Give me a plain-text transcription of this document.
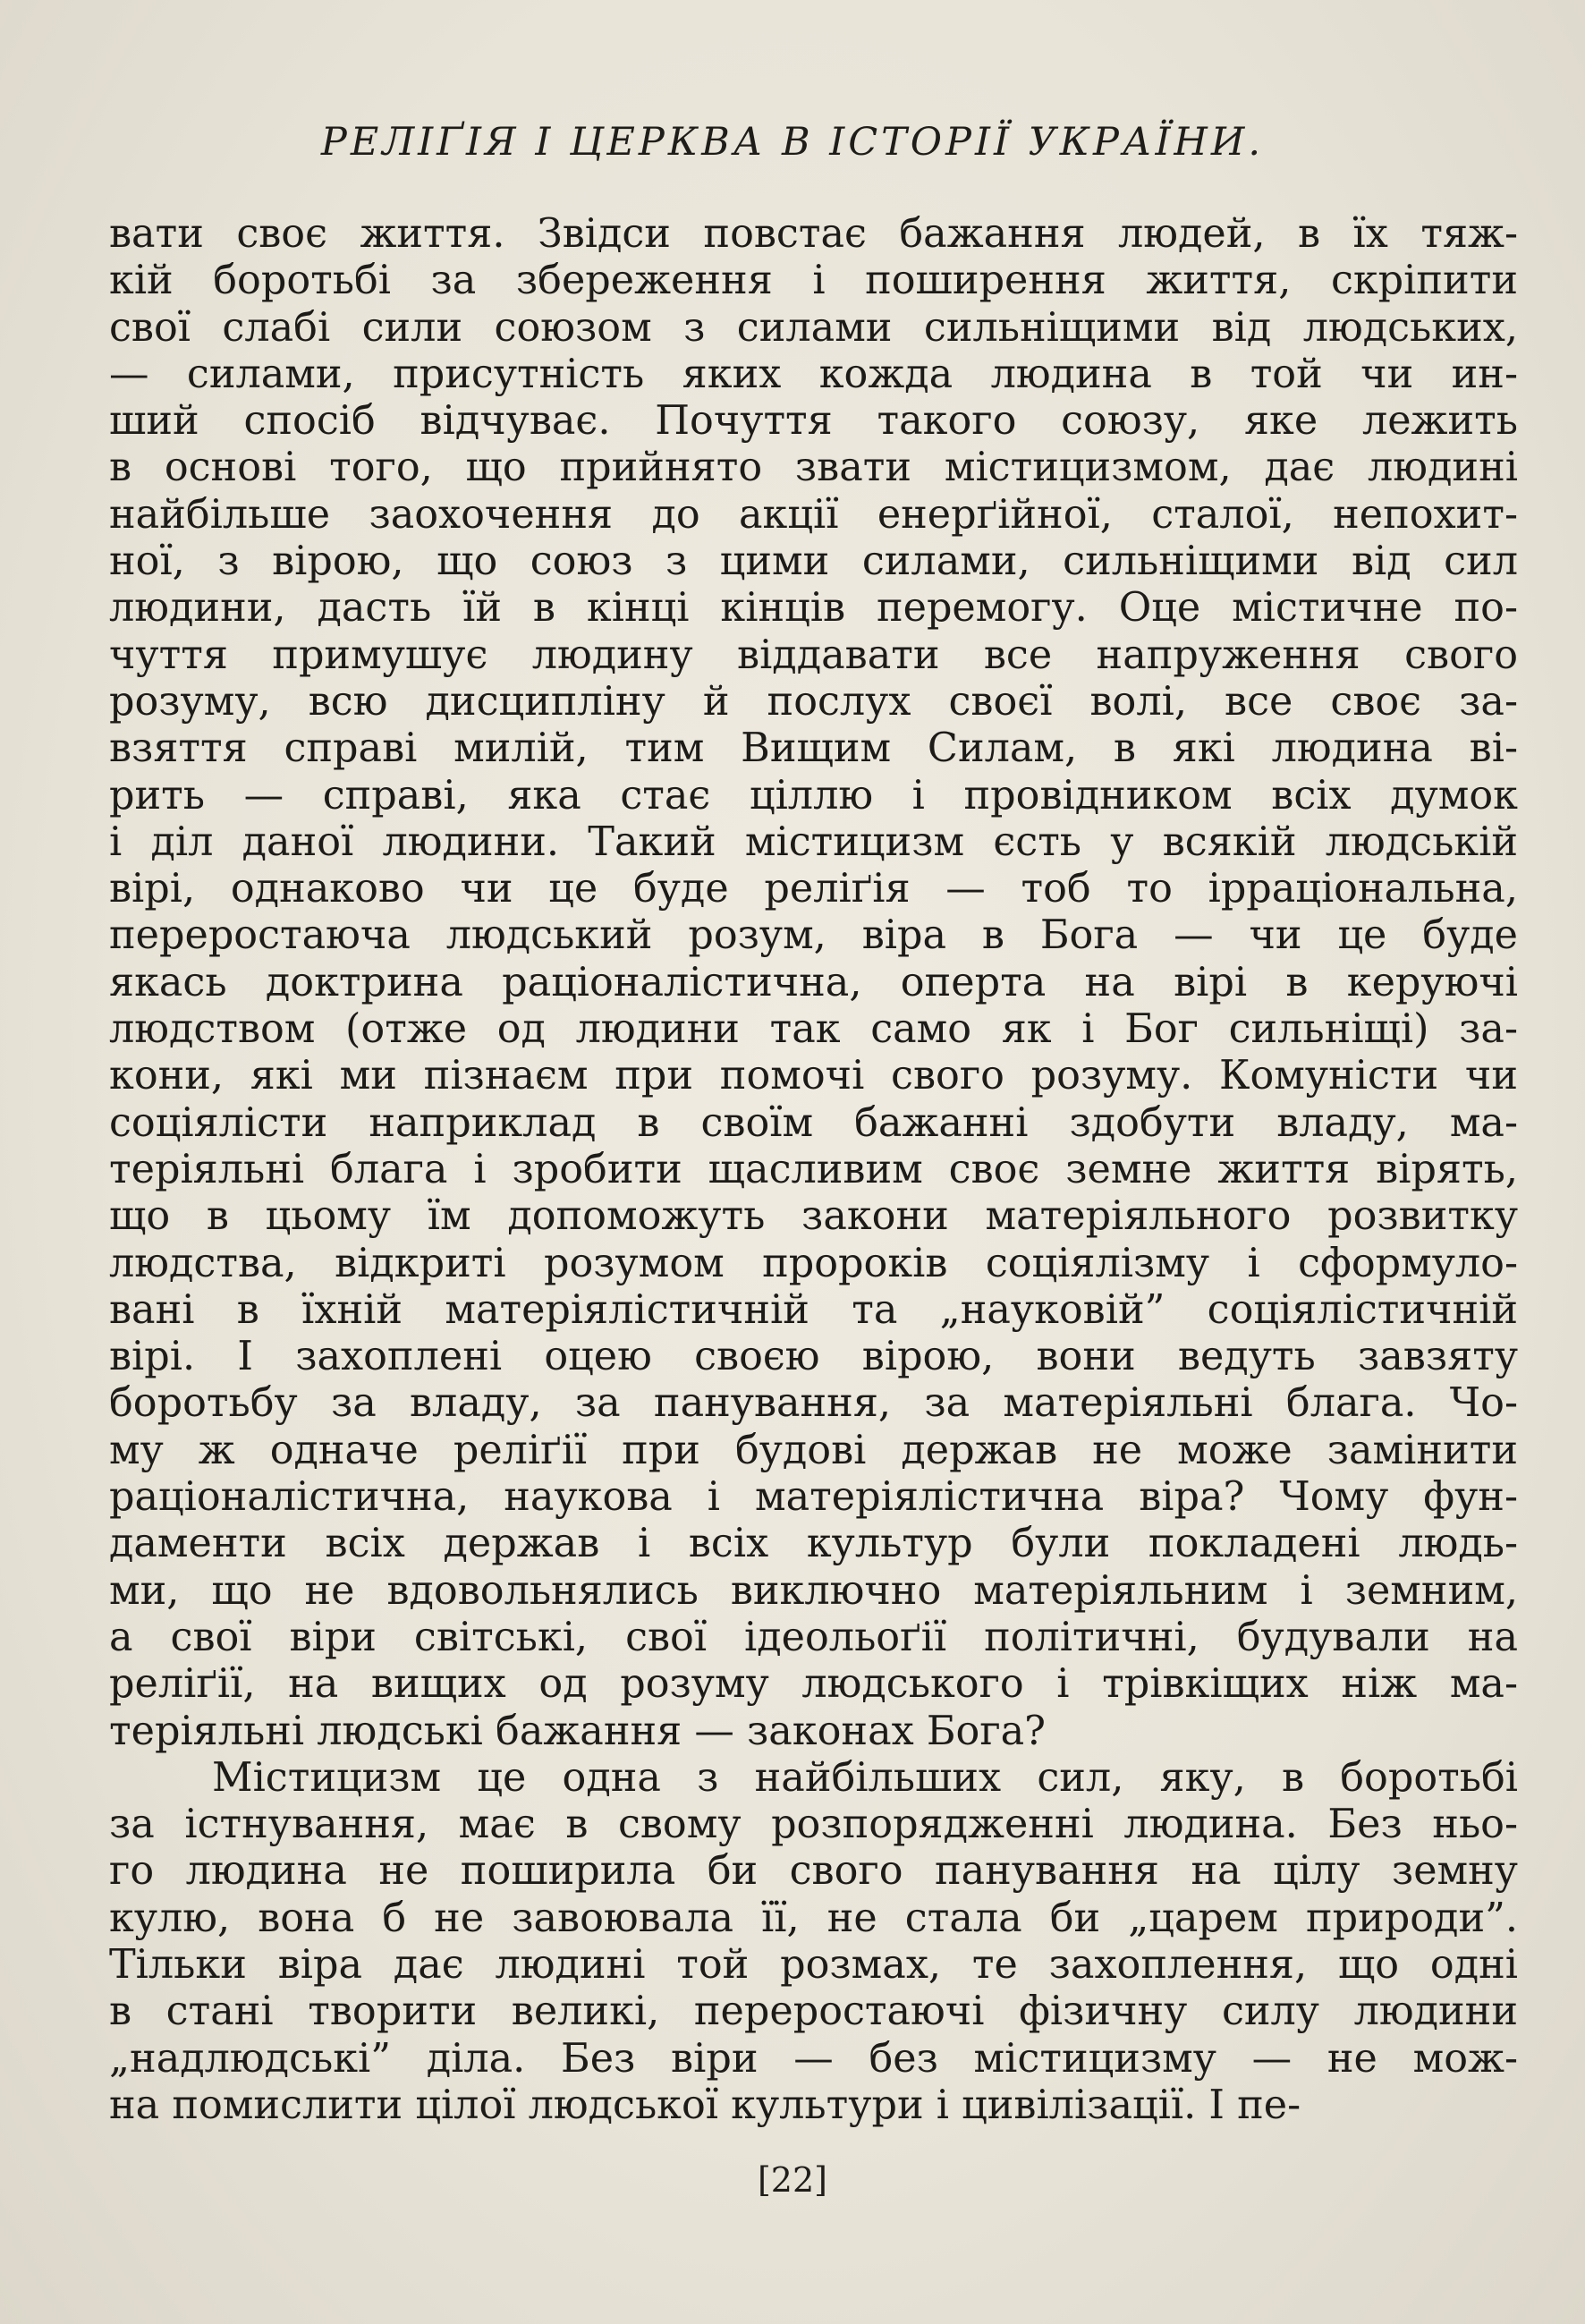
РЕЛІҐІЯ І ЦЕРКВА В ІСТОРІЇ УКРАЇНИ.
вати своє життя. Звідси повстає бажання людей, в їх тяж-
кій боротьбі за збереження і поширення життя, скріпити
свої слабі сили союзом з силами сильніщими від людських,
— силами, присутність яких кожда людина в той чи ин-
ший спосіб відчуває. Почуття такого союзу, яке лежить
в основі того, що прийнято звати містицизмом, дає людині
найбільше заохочення до акції енерґійної, сталої, непохит-
ної, з вірою, що союз з цими силами, сильніщими від сил
людини, дасть їй в кінці кінців перемогу. Оце містичне по-
чуття примушує людину віддавати все напруження свого
розуму, всю дисципліну й послух своєї волі, все своє за-
взяття справі милій, тим Вищим Силам, в які людина ві-
рить — справі, яка стає ціллю і провідником всіх думок
і діл даної людини. Такий містицизм єсть у всякій людській
вірі, однаково чи це буде реліґія — тоб то ірраціональна,
переростаюча людський розум, віра в Бога — чи це буде
якась доктрина раціоналістична, оперта на вірі в керуючі
людством (отже од людини так само як і Бог сильніщі) за-
кони, які ми пізнаєм при помочі свого розуму. Комуністи чи
соціялісти наприклад в своїм бажанні здобути владу, ма-
теріяльні блага і зробити щасливим своє земне життя вірять,
що в цьому їм допоможуть закони матеріяльного розвитку
людства, відкриті розумом пророків соціялізму і сформуло-
вані в їхній матеріялістичній та „науковій” соціялістичній
вірі. І захоплені оцею своєю вірою, вони ведуть завзяту
боротьбу за владу, за панування, за матеріяльні блага. Чо-
му ж одначе реліґії при будові держав не може замінити
раціоналістична, наукова і матеріялістична віра? Чому фун-
даменти всіх держав і всіх культур були покладені людь-
ми, що не вдовольнялись виключно матеріяльним і земним,
а свої віри світські, свої ідеольоґії політичні, будували на
реліґії, на вищих од розуму людського і трівкіщих ніж ма-
теріяльні людські бажання — законах Бога?
Містицизм це одна з найбільших сил, яку, в боротьбі
за істнування, має в свому розпорядженні людина. Без ньо-
го людина не поширила би свого панування на цілу земну
кулю, вона б не завоювала її, не стала би „царем природи”.
Тільки віра дає людині той розмах, те захоплення, що одні
в стані творити великі, переростаючі фізичну силу людини
„надлюдські” діла. Без віри — без містицизму — не мож-
на помислити цілої людської культури і цивілізації. І пе-
[22]
